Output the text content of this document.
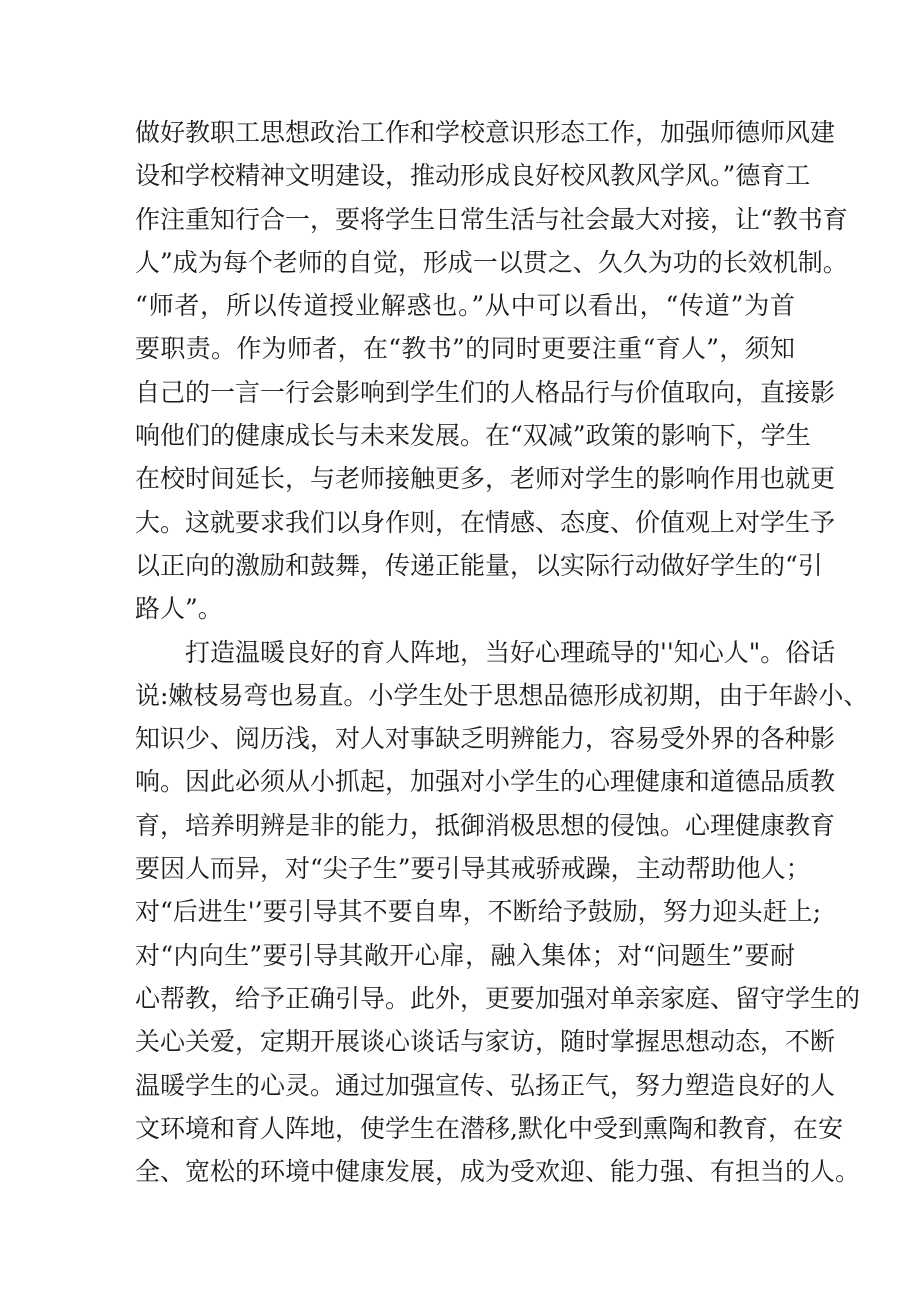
做好教职工思想政治工作和学校意识形态工作，加强师德师风建
设和学校精神文明建设，推动形成良好校风教风学风。”德育工
作注重知行合一，要将学生日常生活与社会最大对接，让“教书育
人”成为每个老师的自觉，形成一以贯之、久久为功的长效机制。
“师者，所以传道授业解惑也。”从中可以看出，“传道”为首
要职责。作为师者，在“教书”的同时更要注重“育人”，须知
自己的一言一行会影响到学生们的人格品行与价值取向，直接影
响他们的健康成长与未来发展。在“双减”政策的影响下，学生
在校时间延长，与老师接触更多，老师对学生的影响作用也就更
大。这就要求我们以身作则，在情感、态度、价值观上对学生予
以正向的激励和鼓舞，传递正能量，以实际行动做好学生的“引
路人”。
打造温暖良好的育人阵地，当好心理疏导的''知心人"。俗话
说:嫩枝易弯也易直。小学生处于思想品德形成初期，由于年龄小、
知识少、阅历浅，对人对事缺乏明辨能力，容易受外界的各种影
响。因此必须从小抓起，加强对小学生的心理健康和道德品质教
育，培养明辨是非的能力，抵御消极思想的侵蚀。心理健康教育
要因人而异，对“尖子生”要引导其戒骄戒躁，主动帮助他人；
对“后进生'’要引导其不要自卑，不断给予鼓励，努力迎头赶上;
对“内向生”要引导其敞开心扉，融入集体；对“问题生”要耐
心帮教，给予正确引导。此外，更要加强对单亲家庭、留守学生的
关心关爱，定期开展谈心谈话与家访，随时掌握思想动态，不断
温暖学生的心灵。通过加强宣传、弘扬正气，努力塑造良好的人
文环境和育人阵地，使学生在潜移,默化中受到熏陶和教育，在安
全、宽松的环境中健康发展，成为受欢迎、能力强、有担当的人。
